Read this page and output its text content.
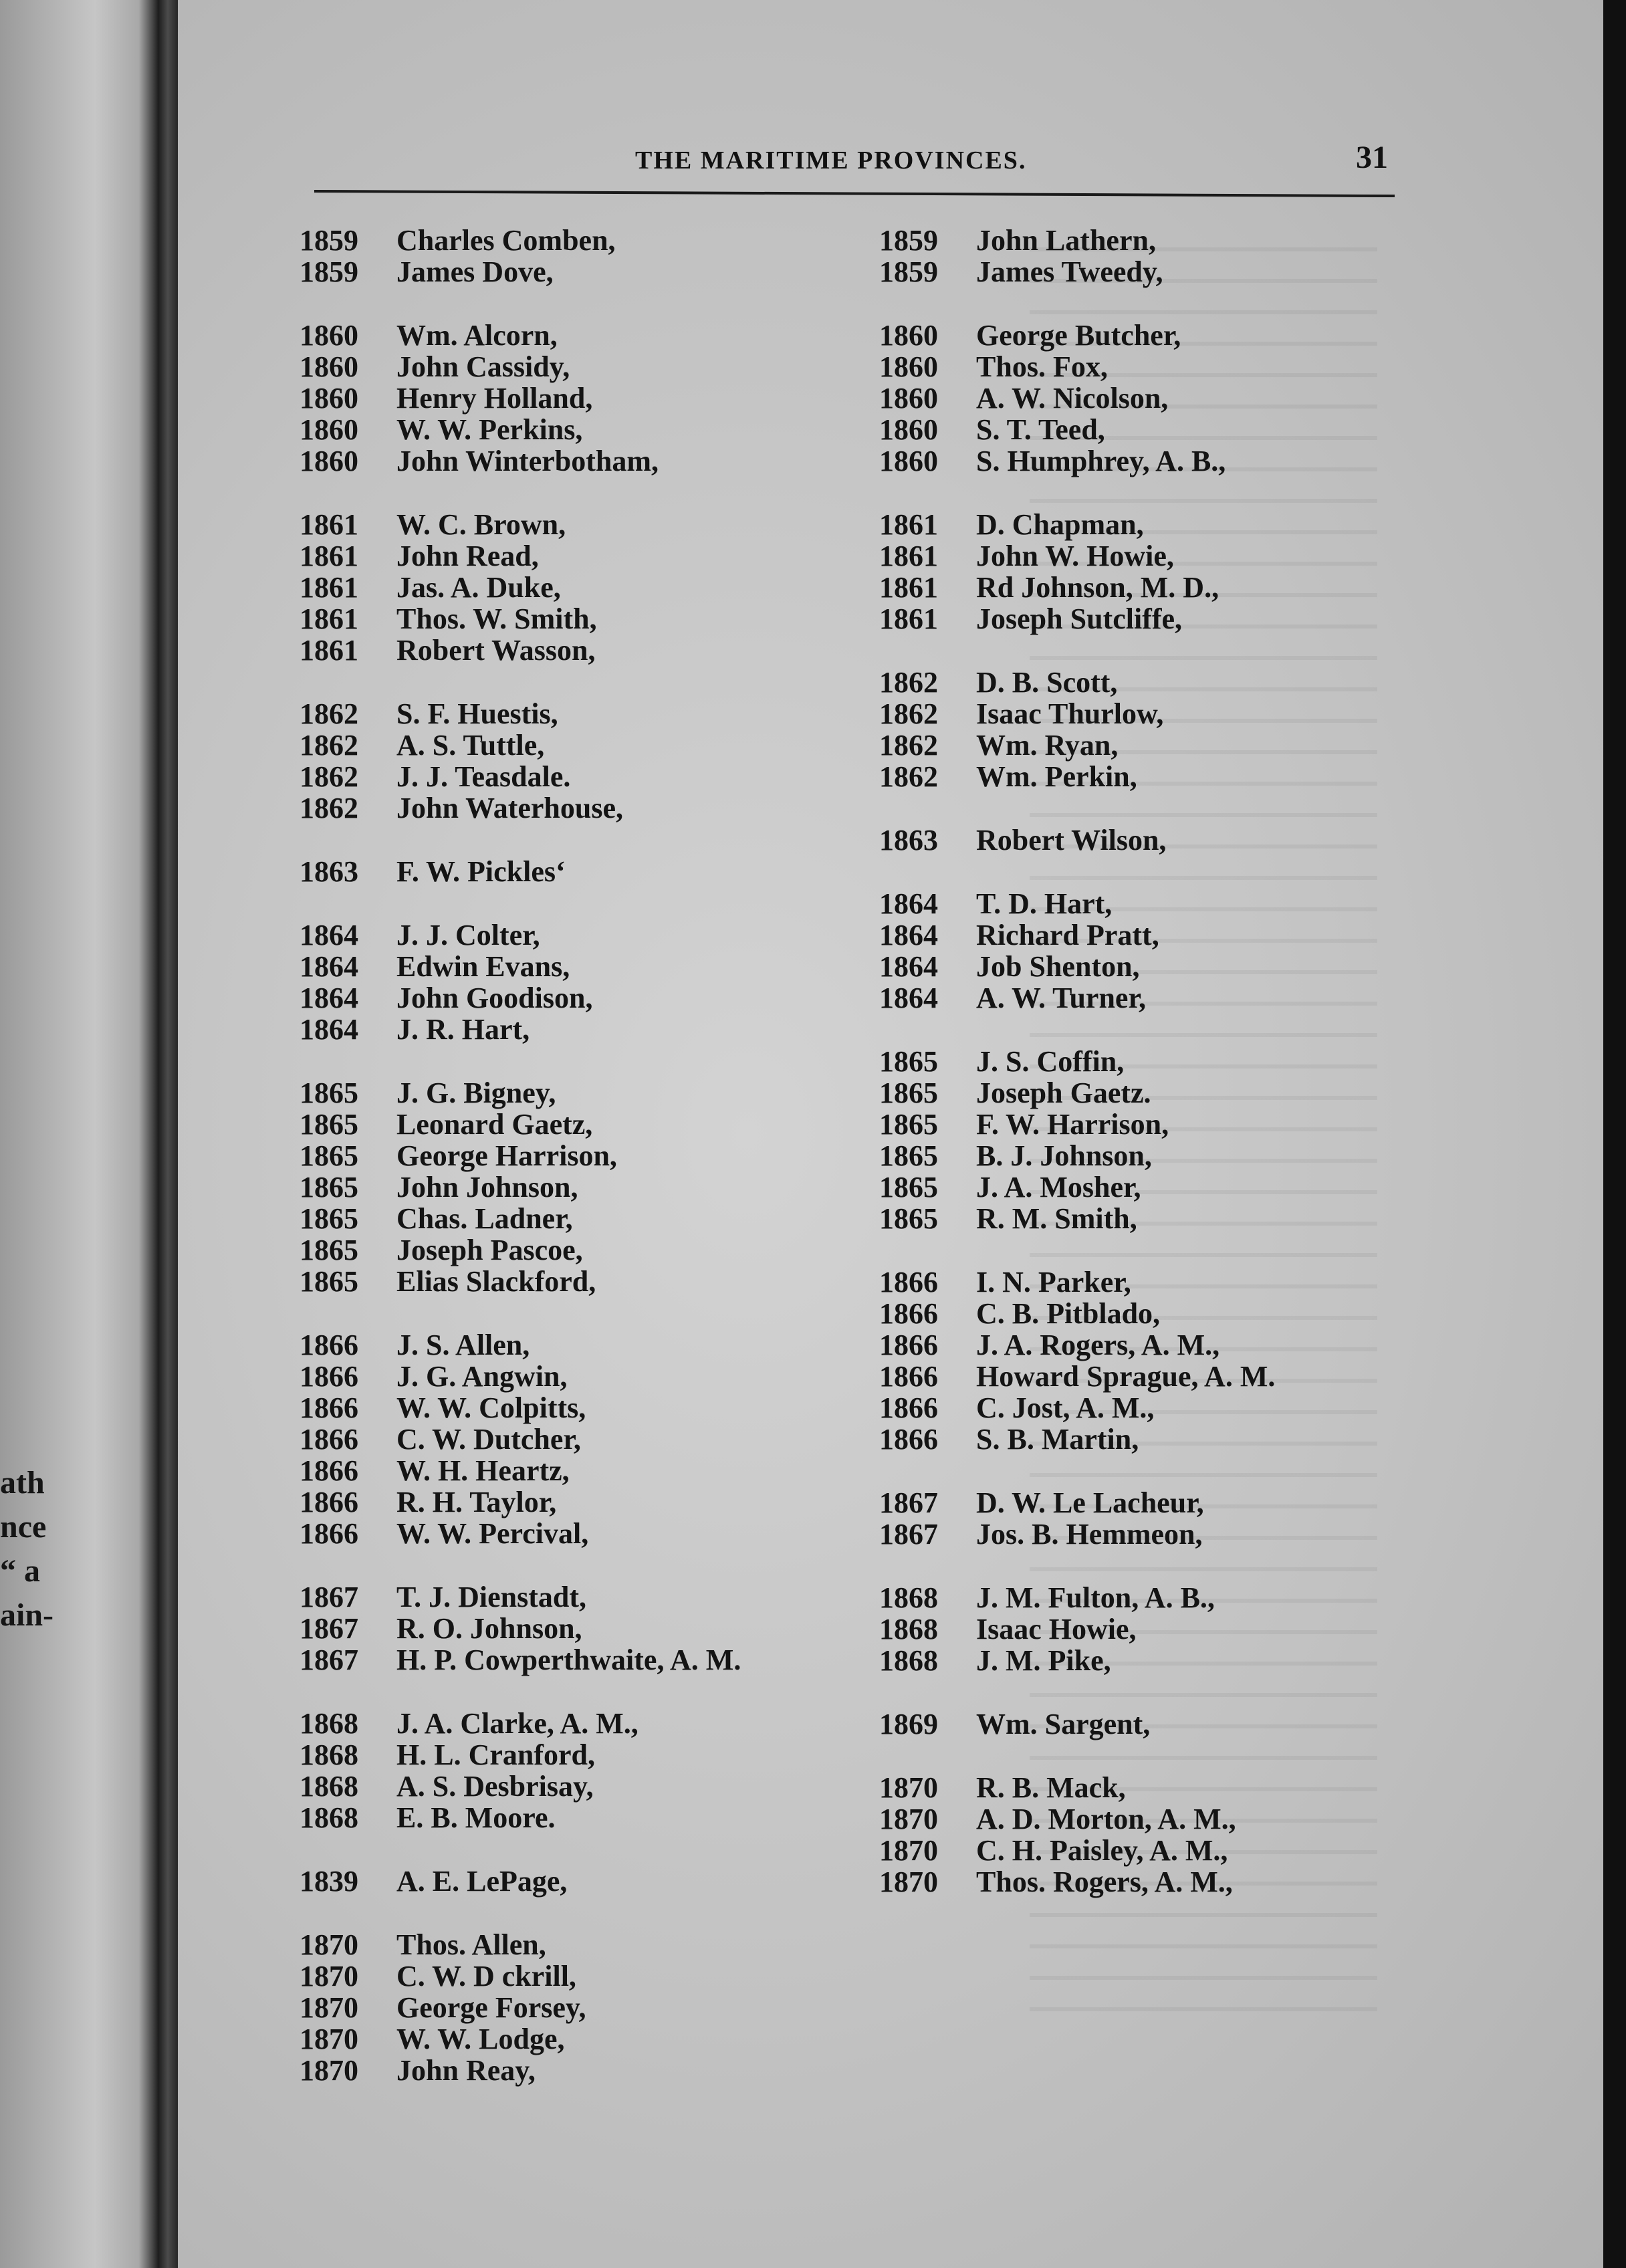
ath
nce
“ a
ain-
THE MARITIME PROVINCES.	31
1859 Charles Comben,
1859 James Dove,
1860 Wm. Alcorn,
1860 John Cassidy,
1860 Henry Holland,
1860 W. W. Perkins,
1860 John Winterbotham,
1861 W. C. Brown,
1861 John Read,
1861 Jas. A. Duke,
1861 Thos. W. Smith,
1861 Robert Wasson,
1862 S. F. Huestis,
1862 A. S. Tuttle,
1862 J. J. Teasdale.
1862 John Waterhouse,
1863 F. W. Pickles‘
1864 J. J. Colter,
1864 Edwin Evans,
1864 John Goodison,
1864 J. R. Hart,
1865 J. G. Bigney,
1865 Leonard Gaetz,
1865 George Harrison,
1865 John Johnson,
1865 Chas. Ladner,
1865 Joseph Pascoe,
1865 Elias Slackford,
1866 J. S. Allen,
1866 J. G. Angwin,
1866 W. W. Colpitts,
1866 C. W. Dutcher,
1866 W. H. Heartz,
1866 R. H. Taylor,
1866 W. W. Percival,
1867 T. J. Dienstadt,
1867 R. O. Johnson,
1867 H. P. Cowperthwaite, A. M.
1868 J. A. Clarke, A. M.,
1868 H. L. Cranford,
1868 A. S. Desbrisay,
1868 E. B. Moore.
1839 A. E. LePage,
1870 Thos. Allen,
1870 C. W. D ckrill,
1870 George Forsey,
1870 W. W. Lodge,
1870 John Reay,
1859 John Lathern,
1859 James Tweedy,
1860 George Butcher,
1860 Thos. Fox,
1860 A. W. Nicolson,
1860 S. T. Teed,
1860 S. Humphrey, A. B.,
1861 D. Chapman,
1861 John W. Howie,
1861 Rd Johnson, M. D.,
1861 Joseph Sutcliffe,
1862 D. B. Scott,
1862 Isaac Thurlow,
1862 Wm. Ryan,
1862 Wm. Perkin,
1863 Robert Wilson,
1864 T. D. Hart,
1864 Richard Pratt,
1864 Job Shenton,
1864 A. W. Turner,
1865 J. S. Coffin,
1865 Joseph Gaetz.
1865 F. W. Harrison,
1865 B. J. Johnson,
1865 J. A. Mosher,
1865 R. M. Smith,
1866 I. N. Parker,
1866 C. B. Pitblado,
1866 J. A. Rogers, A. M.,
1866 Howard Sprague, A. M.
1866 C. Jost, A. M.,
1866 S. B. Martin,
1867 D. W. Le Lacheur,
1867 Jos. B. Hemmeon,
1868 J. M. Fulton, A. B.,
1868 Isaac Howie,
1868 J. M. Pike,
1869 Wm. Sargent,
1870 R. B. Mack,
1870 A. D. Morton, A. M.,
1870 C. H. Paisley, A. M.,
1870 Thos. Rogers, A. M.,
